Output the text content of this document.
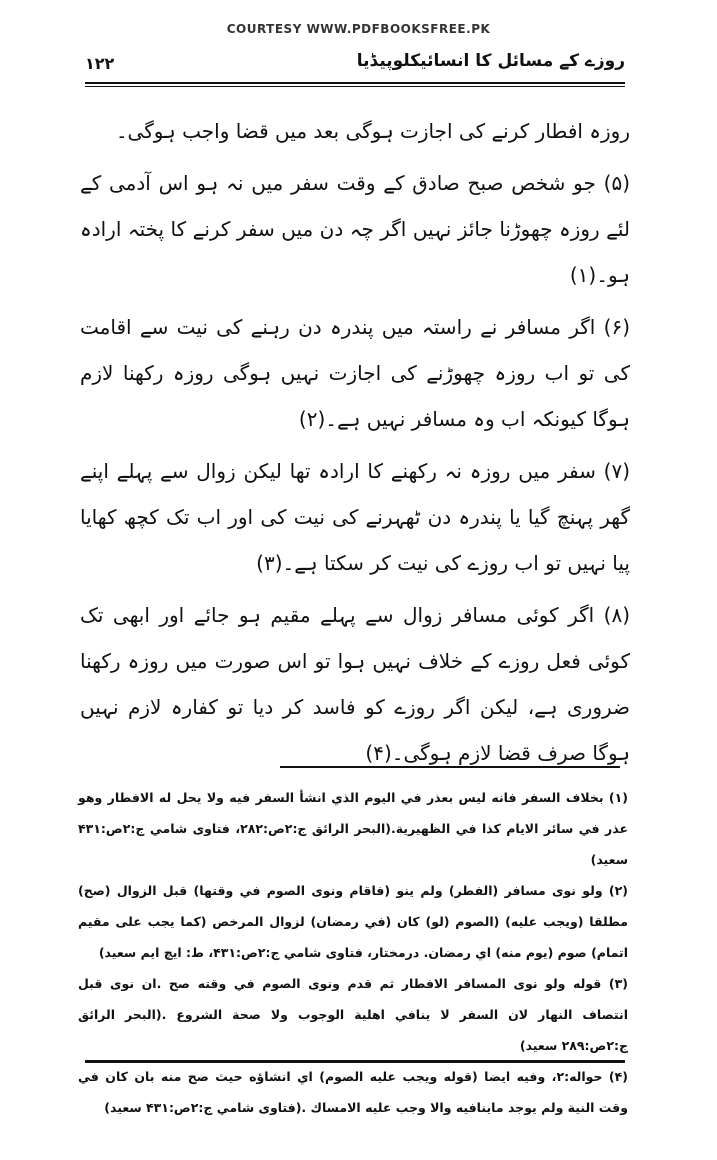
COURTESY WWW.PDFBOOKSFREE.PK
۱۲۲	روزے کے مسائل کا انسائیکلوپیڈیا

روزہ افطار کرنے کی اجازت ہوگی بعد میں قضا واجب ہوگی۔

(۵) جو شخص صبح صادق کے وقت سفر میں نہ ہو اس آدمی کے لئے روزہ چھوڑنا جائز نہیں اگر چہ دن میں سفر کرنے کا پختہ ارادہ ہو۔(۱)

(۶) اگر مسافر نے راستہ میں پندرہ دن رہنے کی نیت سے اقامت کی تو اب روزہ چھوڑنے کی اجازت نہیں ہوگی روزہ رکھنا لازم ہوگا کیونکہ اب وہ مسافر نہیں ہے۔(۲)

(۷) سفر میں روزہ نہ رکھنے کا ارادہ تھا لیکن زوال سے پہلے اپنے گھر پہنچ گیا یا پندرہ دن ٹھہرنے کی نیت کی اور اب تک کچھ کھایا پیا نہیں تو اب روزے کی نیت کر سکتا ہے۔(۳)

(۸) اگر کوئی مسافر زوال سے پہلے مقیم ہو جائے اور ابھی تک کوئی فعل روزے کے خلاف نہیں ہوا تو اس صورت میں روزہ رکھنا ضروری ہے، لیکن اگر روزے کو فاسد کر دیا تو کفارہ لازم نہیں ہوگا صرف قضا لازم ہوگی۔(۴)

(۱) بخلاف السفر فانه ليس بعذر في اليوم الذي انشأ السفر فيه ولا يحل له الافطار وهو عذر في سائر الايام كذا في الظهيرية.(البحر الرائق ج:۲ص:۲۸۲، فتاوى شامي ج:۲ص:۴۳۱ سعيد)

(۲) ولو نوى مسافر (الفطر) ولم ينو (فاقام ونوى الصوم في وقتها) قبل الزوال (صح) مطلقا (ويجب عليه) (الصوم (لو) كان (في رمضان) لزوال المرخص (كما يجب على مقيم اتمام) صوم (يوم منه) اي رمضان. درمختار، فتاوى شامي ج:۲ص:۴۳۱، ط: ايچ ايم سعيد)

(۳) قوله ولو نوى المسافر الافطار ثم قدم ونوى الصوم في وقته صح .ان نوى قبل انتصاف النهار لان السفر لا ينافي اهلية الوجوب ولا صحة الشروع .(البحر الرائق ج:۲ص:۲۸۹ سعيد)

(۴) حواله:۲، وفيه ايضا (قوله ويجب عليه الصوم) اي انشاؤه حيث صح منه بان كان في وقت النية ولم يوجد ماينافيه والا وجب عليه الامساك .(فتاوى شامي ج:۲ص:۴۳۱ سعيد)
